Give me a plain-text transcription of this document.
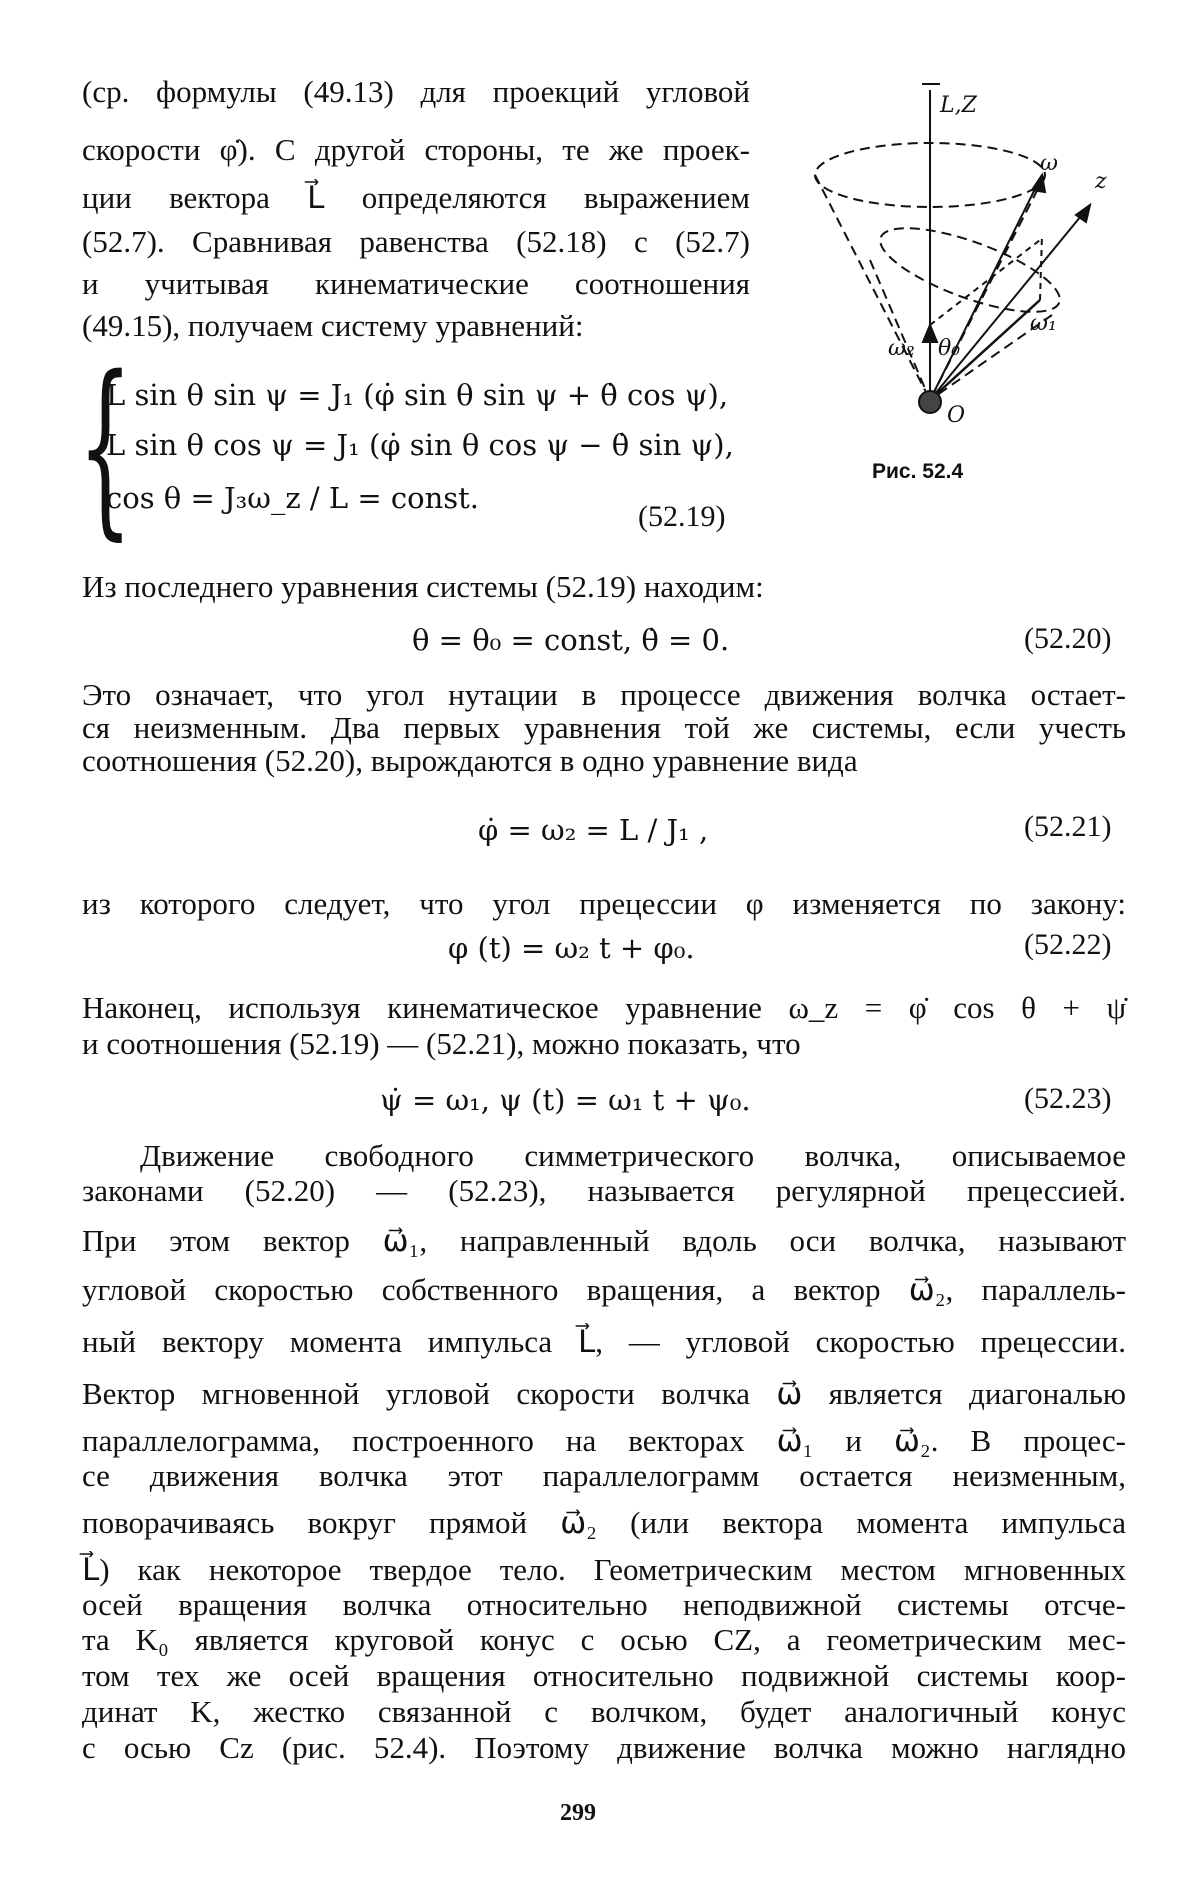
(ср. формулы (49.13) для проекций угловой
скорости φ̇). С другой стороны, те же проек-
ции вектора L⃗ определяются выражением
(52.7). Сравнивая равенства (52.18) с (52.7)
и учитывая кинематические соотношения
(49.15), получаем систему уравнений:
{
L sin θ sin ψ = J₁ (φ̇ sin θ sin ψ + θ̇ cos ψ),
L sin θ cos ψ = J₁ (φ̇ sin θ cos ψ − θ̇ sin ψ),
cos θ = J₃ω_z / L = const.
(52.19)
L,Z
ω
z
ω₁
ω₂ θ₀
O
Рис. 52.4
Из последнего уравнения системы (52.19) находим:
θ = θ₀ = const, θ̇ = 0.	(52.20)
Это означает, что угол нутации в процессе движения волчка остает-
ся неизменным. Два первых уравнения той же системы, если учесть
соотношения (52.20), вырождаются в одно уравнение вида
φ̇ = ω₂ = L / J₁ ,	(52.21)
из которого следует, что угол прецессии φ изменяется по закону:
φ (t) = ω₂ t + φ₀.	(52.22)
Наконец, используя кинематическое уравнение ω_z = φ̇ cos θ + ψ̇
и соотношения (52.19) — (52.21), можно показать, что
ψ̇ = ω₁, ψ (t) = ω₁ t + ψ₀.	(52.23)
Движение свободного симметрического волчка, описываемое
законами (52.20) — (52.23), называется регулярной прецессией.
При этом вектор ω⃗₁, направленный вдоль оси волчка, называют
угловой скоростью собственного вращения, а вектор ω⃗₂, параллель-
ный вектору момента импульса L⃗, — угловой скоростью прецессии.
Вектор мгновенной угловой скорости волчка ω⃗ является диагональю
параллелограмма, построенного на векторах ω⃗₁ и ω⃗₂. В процес-
се движения волчка этот параллелограмм остается неизменным,
поворачиваясь вокруг прямой ω⃗₂ (или вектора момента импульса
L⃗) как некоторое твердое тело. Геометрическим местом мгновенных
осей вращения волчка относительно неподвижной системы отсче-
та K₀ является круговой конус с осью CZ, а геометрическим мес-
том тех же осей вращения относительно подвижной системы коор-
динат K, жестко связанной с волчком, будет аналогичный конус
с осью Cz (рис. 52.4). Поэтому движение волчка можно наглядно
299
